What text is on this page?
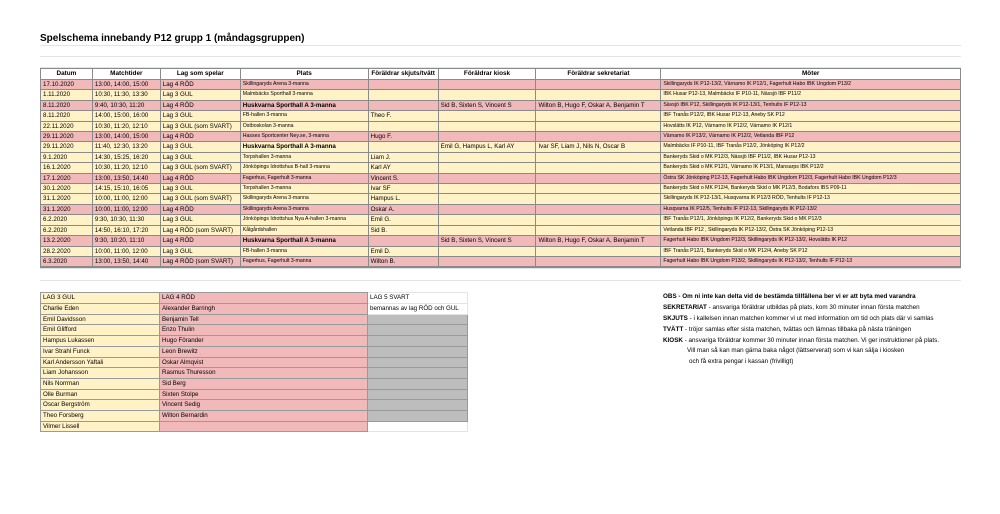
Spelschema innebandy P12 grupp 1 (måndagsgruppen)
Datum	Matchtider	Lag som spelar	Plats	Föräldrar skjuts/tvätt	Föräldrar kiosk	Föräldrar sekretariat	Möter
17.10.2020	13:00, 14:00, 15:00	Lag 4 RÖD	Skillingaryds Arena 3-manna				Skillingaryds IK P12-13/2, Värnamo IK P12/1, Fagerhult Habo IBK Ungdom P13/2
1.11.2020	10:30, 11:30, 13:30	Lag 3 GUL	Malmbäcks Sporthall 3-manna				IBK Husar P12-13, Malmbäcks IF P10-11, Nässjö IBF P11/2
8.11.2020	9:40, 10:30, 11:20	Lag 4 RÖD	Huskvarna Sporthall A 3-manna		Sid B, Sixten S, Vincent S	Wilton B, Hugo F, Oskar A, Benjamin T	Sävsjö IBK P12, Skillingaryds IK P12-13/1, Tenhults IF P12-13
8.11.2020	14:00, 15:00, 16:00	Lag 3 GUL	FB-hallen 3-manna	Theo F.			IBF Tranås P12/2, IBK Husar P12-13, Aneby SK P12
22.11.2020	10:30, 11:20, 12:10	Lag 3 GUL (som SVART)	Ostboskolan 3-manna				Hovslätts IK P12, Värnamo IK P12/2, Värnamo IK P12/1
29.11.2020	13:00, 14:00, 15:00	Lag 4 RÖD	Hasses Sportcenter Ney.se, 3-manna	Hugo F.			Värnamo IK P13/2, Värnamo IK P12/2, Vetlanda IBF P12
29.11.2020	11:40, 12:30, 13:20	Lag 3 GUL	Huskvarna Sporthall A 3-manna		Emil G, Hampus L, Karl AY	Ivar SF, Liam J, Nils N, Oscar B	Malmbäcks IF P10-11, IBF Tranås P12/2, Jönköping IK P12/2
9.1.2020	14:30, 15:25, 16:20	Lag 3 GUL	Torpshallen 3-manna	Liam J.			Bankeryds Skid o MK P12/3, Nässjö IBF P11/2, IBK Husar P12-13
16.1.2020	10:30, 11:20, 12:10	Lag 3 GUL (som SVART)	Jönköpings Idrottshus B-hall 3-manna	Karl AY			Bankeryds Skid o MK P12/1, Värnamo IK P13/1, Mansarps IBK P12/2
17.1.2020	13:00, 13:50, 14:40	Lag 4 RÖD	Fagerhus, Fagerhult 3-manna	Vincent S.			Östra SK Jönköping P12-13, Fagerhult Habo IBK Ungdom P12/3, Fagerhult Habo IBK Ungdom P12/3
30.1.2020	14:15, 15:10, 16:05	Lag 3 GUL	Torpshallen 3-manna	Ivar SF			Bankeryds Skid o MK P12/4, Bankeryds Skid o MK P12/3, Bodafors IBS P09-11
31.1.2020	10:00, 11:00, 12:00	Lag 3 GUL (som SVART)	Skillingaryds Arena 3-manna	Hampus L.			Skillingaryds IK P12-13/1, Husqvarna IK P12/3 RÖD, Tenhults IF P12-13
31.1.2020	10:00, 11:00, 12:00	Lag 4 RÖD	Skillingaryds Arena 3-manna	Oskar A.			Husqvarna IK P12/5, Tenhults IF P12-13, Skillingaryds IK P12-13/2
6.2.2020	9:30, 10:30, 11:30	Lag 3 GUL	Jönköpings Idrottshus Nya A-hallen 3-manna	Emil G.			IBF Tranås P12/1, Jönköpings IK P12/2, Bankeryds Skid o MK P12/3
6.2.2020	14:50, 16:10, 17:20	Lag 4 RÖD (som SVART)	Kålgårdshallen	Sid B.			Vetlanda IBF P12 , Skillingaryds IK P12-13/2, Östra SK Jönköping P12-13
13.2.2020	9:30, 10:20, 11:10	Lag 4 RÖD	Huskvarna Sporthall A 3-manna		Sid B, Sixten S, Vincent S	Wilton B, Hugo F, Oskar A, Benjamin T	Fagerhult Habo IBK Ungdom P12/3, Skillingaryds IK P12-13/2, Hovslätts IK P12
28.2.2020	10:00, 11:00, 12:00	Lag 3 GUL	FB-hallen 3-manna	Emil D.			IBF Tranås P12/1, Bankeryds Skid o MK P12/4, Aneby SK P12
6.3.2020	13:00, 13:50, 14:40	Lag 4 RÖD (som SVART)	Fagerhus, Fagerhult 3-manna	Wilton B.			Fagerhult Habo IBK Ungdom P13/2, Skillingaryds IK P12-13/2, Tenhults IF P12-13
LAG 3 GUL	LAG 4 RÖD	LAG 5 SVART
Charlie Eden	Alexander Barringh	bemannas av lag RÖD och GUL
Emil Davidsson	Benjamin Tell	
Emil Glifford	Enzo Thulin	
Hampus Lukassen	Hugo Förander	
Ivar Strahl Funck	Leon Brewitz	
Karl Andersson Yaftali	Oskar Almqvist	
Liam Johansson	Rasmus Thuresson	
Nils Norrman	Sid Berg	
Olle Burman	Sixten Stolpe	
Oscar Bergström	Vincent Sedig	
Theo Forsberg	Wilton Bernardin	
Vilmer Lissell		
OBS - Om ni inte kan delta vid de bestämda tillfällena ber vi er att byta med varandra
SEKRETARIAT - ansvariga föräldrar utbildas på plats, kom 30 minuter innan första matchen
SKJUTS - i kallelsen innan matchen kommer vi ut med information om tid och plats där vi samlas
TVÄTT - tröjor samlas efter sista matchen, tvättas och lämnas tillbaka på nästa träningen
KIOSK - ansvariga föräldrar kommer 30 minuter innan första matchen. Vi ger instruktioner på plats.
Vill man så kan man gärna baka något (lättserverat) som vi kan sälja i kiosken
och få extra pengar i kassan (frivilligt)
